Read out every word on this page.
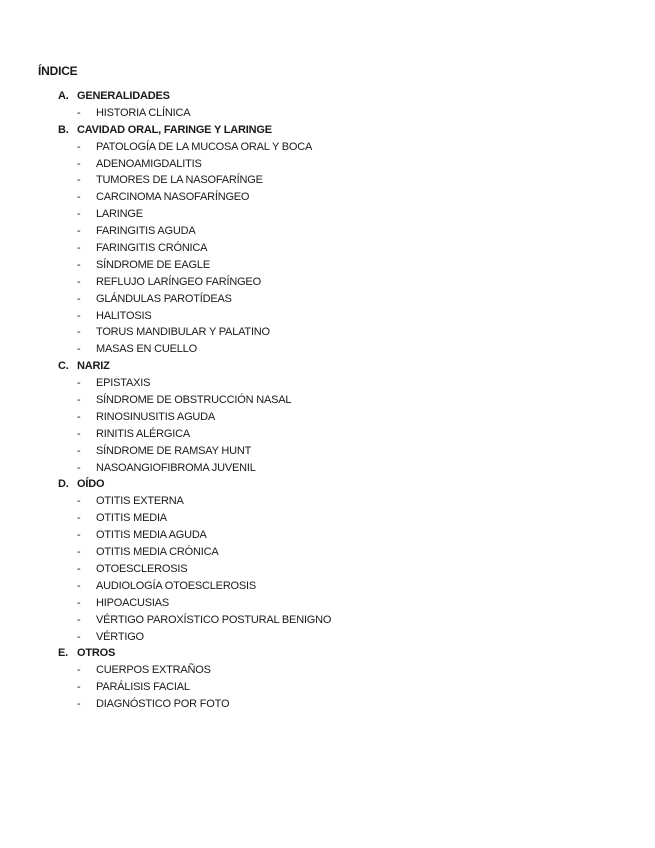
ÍNDICE
A. GENERALIDADES
- HISTORIA CLÍNICA
B. CAVIDAD ORAL, FARINGE Y LARINGE
- PATOLOGÍA DE LA MUCOSA ORAL Y BOCA
- ADENOAMIGDALITIS
- TUMORES DE LA NASOFARÍNGE
- CARCINOMA NASOFARÍNGEO
- LARINGE
- FARINGITIS AGUDA
- FARINGITIS CRÓNICA
- SÍNDROME DE EAGLE
- REFLUJO LARÍNGEO FARÍNGEO
- GLÁNDULAS PAROTÍDEAS
- HALITOSIS
- TORUS MANDIBULAR Y PALATINO
- MASAS EN CUELLO
C. NARIZ
- EPISTAXIS
- SÍNDROME DE OBSTRUCCIÓN NASAL
- RINOSINUSITIS AGUDA
- RINITIS ALÉRGICA
- SÍNDROME DE RAMSAY HUNT
- NASOANGIOFIBROMA JUVENIL
D. OÍDO
- OTITIS EXTERNA
- OTITIS MEDIA
- OTITIS MEDIA AGUDA
- OTITIS MEDIA CRÓNICA
- OTOESCLEROSIS
- AUDIOLOGÍA OTOESCLEROSIS
- HIPOACUSIAS
- VÉRTIGO PAROXÍSTICO POSTURAL BENIGNO
- VÉRTIGO
E. OTROS
- CUERPOS EXTRAÑOS
- PARÁLISIS FACIAL
- DIAGNÓSTICO POR FOTO
